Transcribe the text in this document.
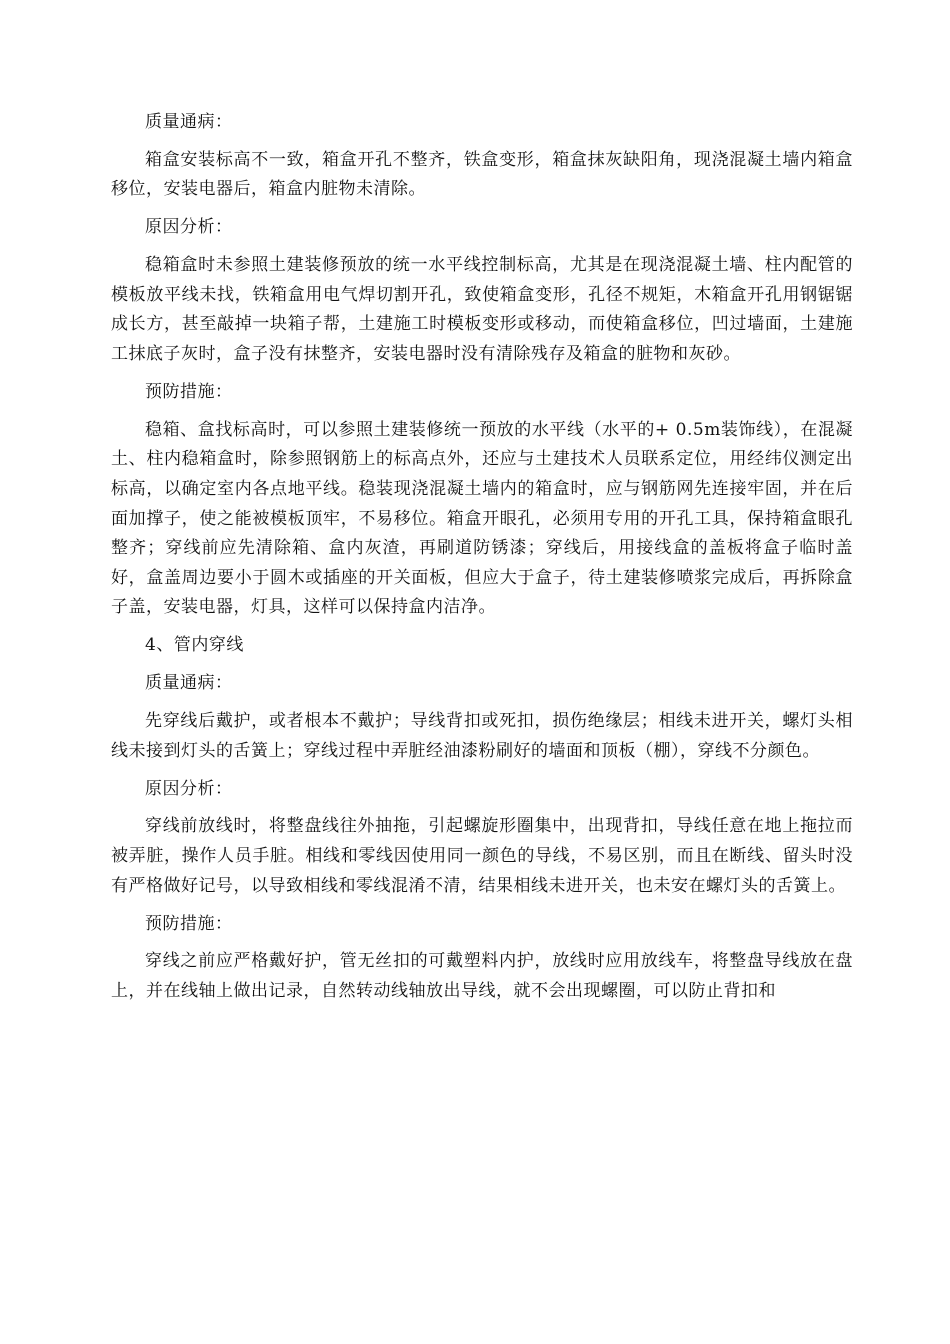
质量通病：

箱盒安装标高不一致，箱盒开孔不整齐，铁盒变形，箱盒抹灰缺阳角，现浇混凝土墙内箱盒移位，安装电器后，箱盒内脏物未清除。

原因分析：

稳箱盒时未参照土建装修预放的统一水平线控制标高，尤其是在现浇混凝土墙、柱内配管的模板放平线未找，铁箱盒用电气焊切割开孔，致使箱盒变形，孔径不规矩，木箱盒开孔用钢锯锯成长方，甚至敲掉一块箱子帮，土建施工时模板变形或移动，而使箱盒移位，凹过墙面，土建施工抹底子灰时，盒子没有抹整齐，安装电器时没有清除残存及箱盒的脏物和灰砂。

预防措施：

稳箱、盒找标高时，可以参照土建装修统一预放的水平线（水平的+ 0.5m装饰线），在混凝土、柱内稳箱盒时，除参照钢筋上的标高点外，还应与土建技术人员联系定位，用经纬仪测定出标高，以确定室内各点地平线。稳装现浇混凝土墙内的箱盒时，应与钢筋网先连接牢固，并在后面加撑子，使之能被模板顶牢，不易移位。箱盒开眼孔，必须用专用的开孔工具，保持箱盒眼孔整齐；穿线前应先清除箱、盒内灰渣，再刷道防锈漆；穿线后，用接线盒的盖板将盒子临时盖好，盒盖周边要小于圆木或插座的开关面板，但应大于盒子，待土建装修喷浆完成后，再拆除盒子盖，安装电器，灯具，这样可以保持盒内洁净。

4、管内穿线

质量通病：

先穿线后戴护，或者根本不戴护；导线背扣或死扣，损伤绝缘层；相线未进开关，螺灯头相线未接到灯头的舌簧上；穿线过程中弄脏经油漆粉刷好的墙面和顶板（棚），穿线不分颜色。

原因分析：

穿线前放线时，将整盘线往外抽拖，引起螺旋形圈集中，出现背扣，导线任意在地上拖拉而被弄脏，操作人员手脏。相线和零线因使用同一颜色的导线，不易区别，而且在断线、留头时没有严格做好记号，以导致相线和零线混淆不清，结果相线未进开关，也未安在螺灯头的舌簧上。

预防措施：

穿线之前应严格戴好护，管无丝扣的可戴塑料内护，放线时应用放线车，将整盘导线放在盘上，并在线轴上做出记录，自然转动线轴放出导线，就不会出现螺圈，可以防止背扣和
